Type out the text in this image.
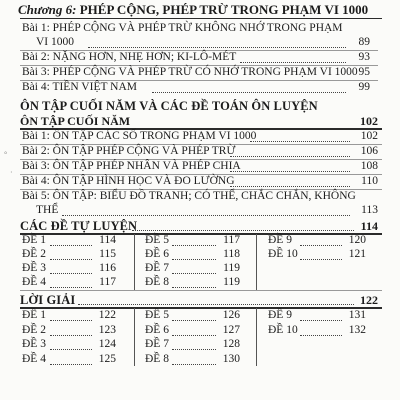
Chương 6: PHÉP CỘNG, PHÉP TRỪ TRONG PHẠM VI 1000
Bài 1: PHÉP CỘNG VÀ PHÉP TRỪ KHÔNG NHỚ TRONG PHẠM
VI 1000	89
Bài 2: NẶNG HƠN, NHẸ HƠN; KI-LÔ-MÉT	93
Bài 3: PHÉP CỘNG VÀ PHÉP TRỪ CÓ NHỚ TRONG PHẠM VI 1000 95
Bài 4: TIỀN VIỆT NAM	99
ÔN TẬP CUỐI NĂM VÀ CÁC ĐỀ TOÁN ÔN LUYỆN
ÔN TẬP CUỐI NĂM	102
Bài 1: ÔN TẬP CÁC SỐ TRONG PHẠM VI 1000	102
Bài 2: ÔN TẬP PHÉP CỘNG VÀ PHÉP TRỪ	106
Bài 3: ÔN TẬP PHÉP NHÂN VÀ PHÉP CHIA	108
Bài 4: ÔN TẬP HÌNH HỌC VÀ ĐO LƯỜNG	110
Bài 5: ÔN TẬP: BIỂU ĐỒ TRANH; CÓ THỂ, CHẮC CHẮN, KHÔNG
THỂ	113
CÁC ĐỀ TỰ LUYỆN	114
ĐỀ 1	114
ĐỀ 2	115
ĐỀ 3	116
ĐỀ 4	117
ĐỀ 5	117
ĐỀ 6	118
ĐỀ 7	119
ĐỀ 8	119
ĐỀ 9	120
ĐỀ 10	121
LỜI GIẢI	122
ĐỀ 1	122
ĐỀ 2	123
ĐỀ 3	124
ĐỀ 4	125
ĐỀ 5	126
ĐỀ 6	127
ĐỀ 7	128
ĐỀ 8	130
ĐỀ 9	131
ĐỀ 10	132
°
·
